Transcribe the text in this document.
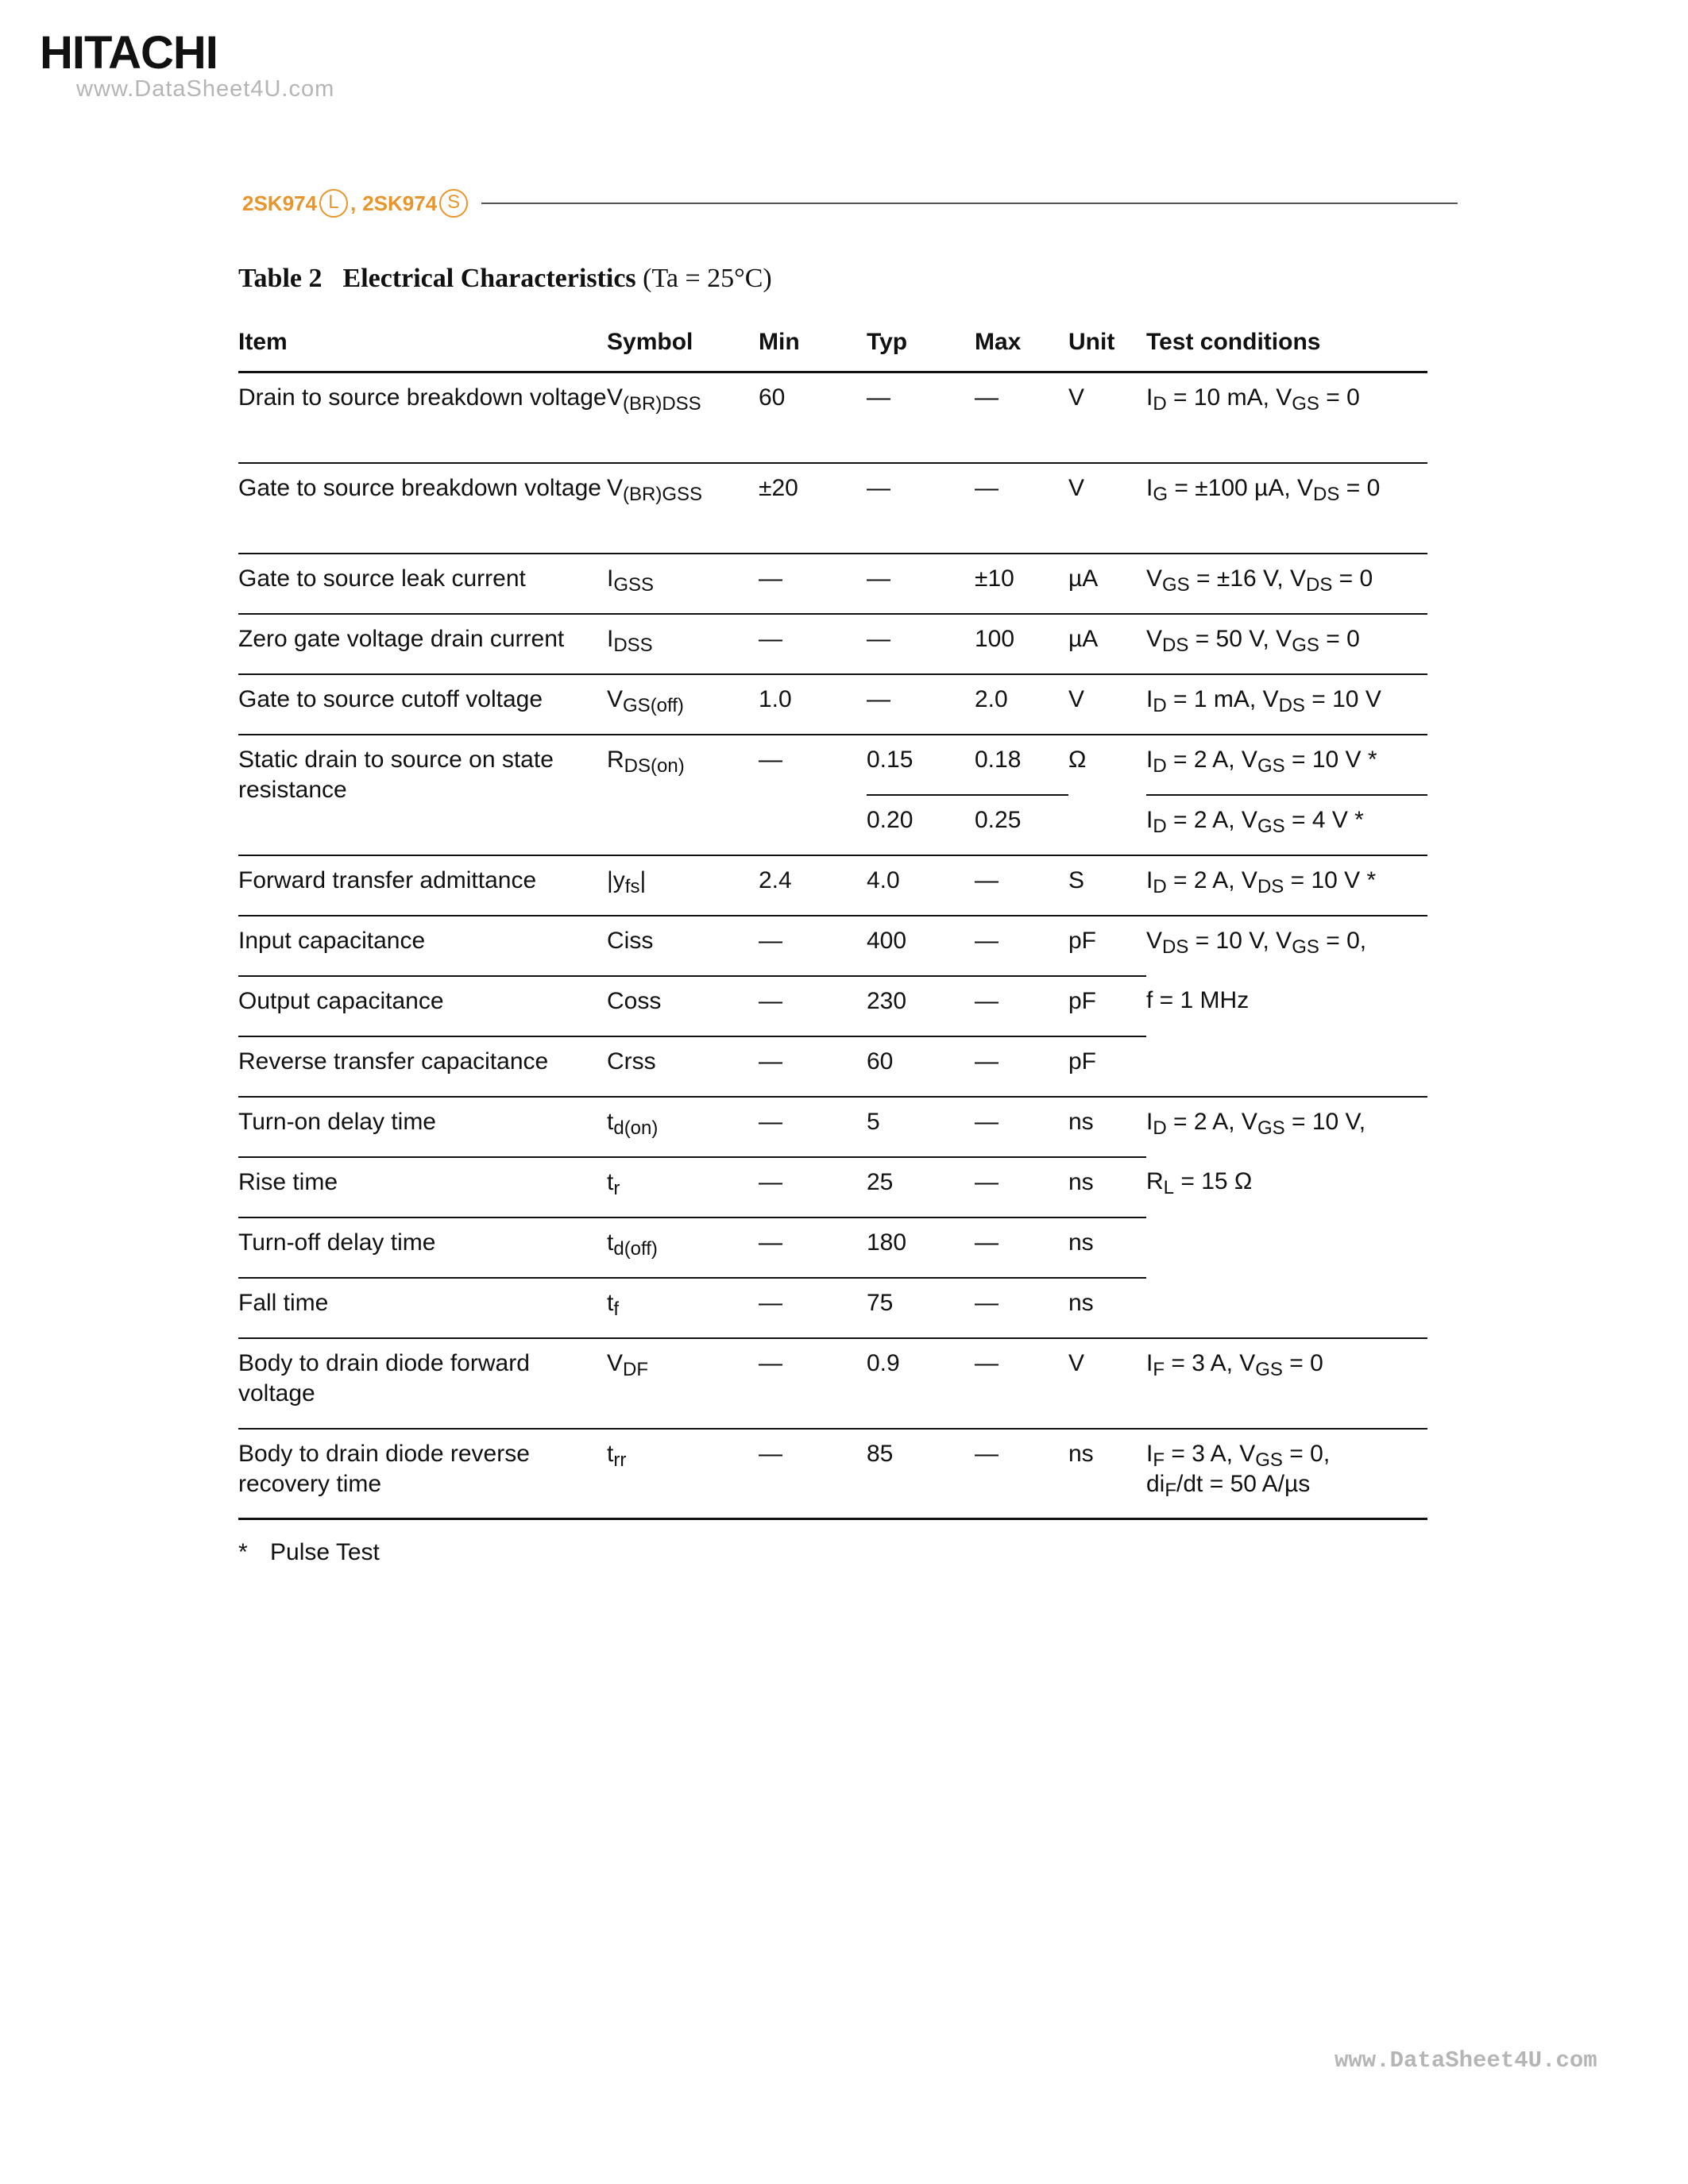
HITACHI
www.DataSheet4U.com
2SK974 L , 2SK974 S
Table 2 Electrical Characteristics (Ta = 25°C)
Item	Symbol	Min	Typ	Max	Unit	Test conditions
Drain to source breakdown voltage	$V_{(BR)DSS}$	60	—	—	V	$I_D = 10$ mA, $V_{GS} = 0$
Gate to source breakdown voltage	$V_{(BR)GSS}$	±20	—	—	V	$I_G = \pm 100$ µA, $V_{DS} = 0$
Gate to source leak current	$I_{GSS}$	—	—	±10	µA	$V_{GS} = \pm 16$ V, $V_{DS} = 0$
Zero gate voltage drain current	$I_{DSS}$	—	—	100	µA	$V_{DS} = 50$ V, $V_{GS} = 0$
Gate to source cutoff voltage	$V_{GS(off)}$	1.0	—	2.0	V	$I_D = 1$ mA, $V_{DS} = 10$ V
Static drain to source on state resistance	$R_{DS(on)}$	—	0.15	0.18	Ω	$I_D = 2$ A, $V_{GS} = 10$ V *
			0.20	0.25		$I_D = 2$ A, $V_{GS} = 4$ V *
Forward transfer admittance	$|y_{fs}|$	2.4	4.0	—	S	$I_D = 2$ A, $V_{DS} = 10$ V *
Input capacitance	Ciss	—	400	—	pF	$V_{DS} = 10$ V, $V_{GS} = 0$,
Output capacitance	Coss	—	230	—	pF	f = 1 MHz
Reverse transfer capacitance	Crss	—	60	—	pF	
Turn-on delay time	$t_{d(on)}$	—	5	—	ns	$I_D = 2$ A, $V_{GS} = 10$ V,
Rise time	$t_r$	—	25	—	ns	$R_L = 15$ Ω
Turn-off delay time	$t_{d(off)}$	—	180	—	ns	
Fall time	$t_f$	—	75	—	ns	
Body to drain diode forward voltage	$V_{DF}$	—	0.9	—	V	$I_F = 3$ A, $V_{GS} = 0$
Body to drain diode reverse recovery time	$t_{rr}$	—	85	—	ns	$I_F = 3$ A, $V_{GS} = 0$,
$di_F/dt = 50$ A/µs
* Pulse Test
www.DataSheet4U.com
